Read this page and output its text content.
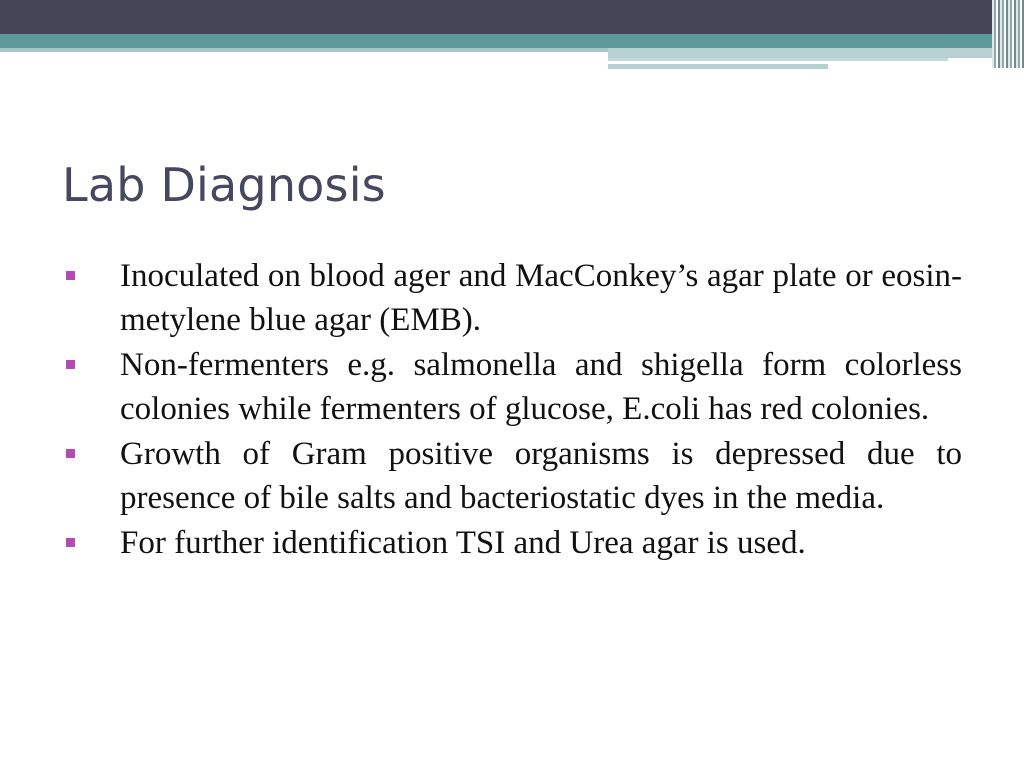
Lab Diagnosis
Inoculated on blood ager and MacConkey’s agar plate or eosin-metylene blue agar (EMB).
Non-fermenters e.g. salmonella and shigella form colorless colonies while fermenters of glucose, E.coli has red colonies.
Growth of Gram positive organisms is depressed due to presence of bile salts and bacteriostatic dyes in the media.
For further identification TSI and Urea agar is used.
